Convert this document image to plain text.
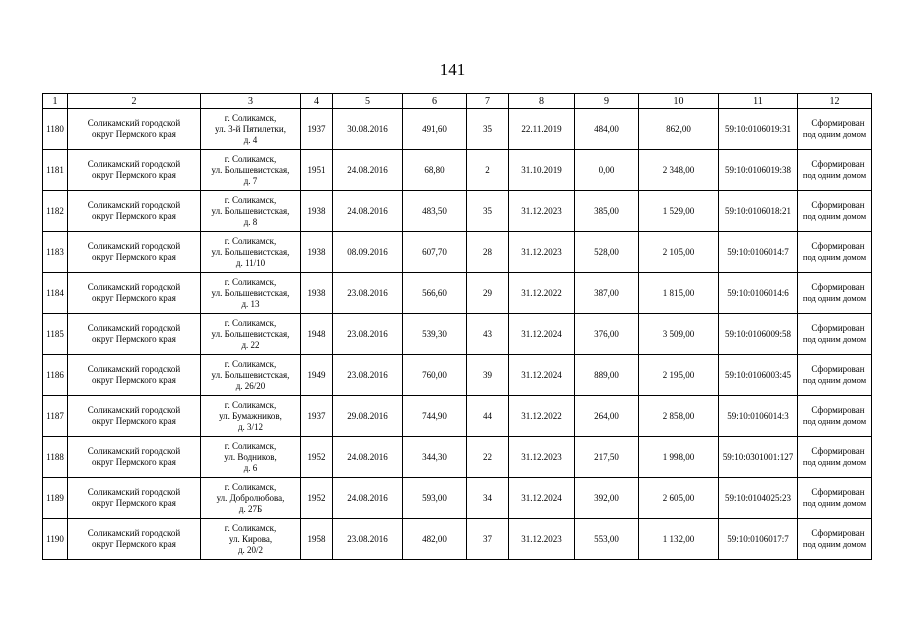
141
1	2	3	4	5	6	7	8	9	10	11	12
1180	Соликамский городской
округ Пермского края	г. Соликамск,
ул. 3-й Пятилетки,
д. 4	1937	30.08.2016	491,60	35	22.11.2019	484,00	862,00	59:10:0106019:31	Сформирован
под одним домом

1181	Соликамский городской
округ Пермского края	г. Соликамск,
ул. Большевистская,
д. 7	1951	24.08.2016	68,80	2	31.10.2019	0,00	2 348,00	59:10:0106019:38	Сформирован
под одним домом

1182	Соликамский городской
округ Пермского края	г. Соликамск,
ул. Большевистская,
д. 8	1938	24.08.2016	483,50	35	31.12.2023	385,00	1 529,00	59:10:0106018:21	Сформирован
под одним домом

1183	Соликамский городской
округ Пермского края	г. Соликамск,
ул. Большевистская,
д. 11/10	1938	08.09.2016	607,70	28	31.12.2023	528,00	2 105,00	59:10:0106014:7	Сформирован
под одним домом

1184	Соликамский городской
округ Пермского края	г. Соликамск,
ул. Большевистская,
д. 13	1938	23.08.2016	566,60	29	31.12.2022	387,00	1 815,00	59:10:0106014:6	Сформирован
под одним домом

1185	Соликамский городской
округ Пермского края	г. Соликамск,
ул. Большевистская,
д. 22	1948	23.08.2016	539,30	43	31.12.2024	376,00	3 509,00	59:10:0106009:58	Сформирован
под одним домом

1186	Соликамский городской
округ Пермского края	г. Соликамск,
ул. Большевистская,
д. 26/20	1949	23.08.2016	760,00	39	31.12.2024	889,00	2 195,00	59:10:0106003:45	Сформирован
под одним домом

1187	Соликамский городской
округ Пермского края	г. Соликамск,
ул. Бумажников,
д. 3/12	1937	29.08.2016	744,90	44	31.12.2022	264,00	2 858,00	59:10:0106014:3	Сформирован
под одним домом

1188	Соликамский городской
округ Пермского края	г. Соликамск,
ул. Водников,
д. 6	1952	24.08.2016	344,30	22	31.12.2023	217,50	1 998,00	59:10:0301001:127	Сформирован
под одним домом

1189	Соликамский городской
округ Пермского края	г. Соликамск,
ул. Добролюбова,
д. 27Б	1952	24.08.2016	593,00	34	31.12.2024	392,00	2 605,00	59:10:0104025:23	Сформирован
под одним домом

1190	Соликамский городской
округ Пермского края	г. Соликамск,
ул. Кирова,
д. 20/2	1958	23.08.2016	482,00	37	31.12.2023	553,00	1 132,00	59:10:0106017:7	Сформирован
под одним домом
